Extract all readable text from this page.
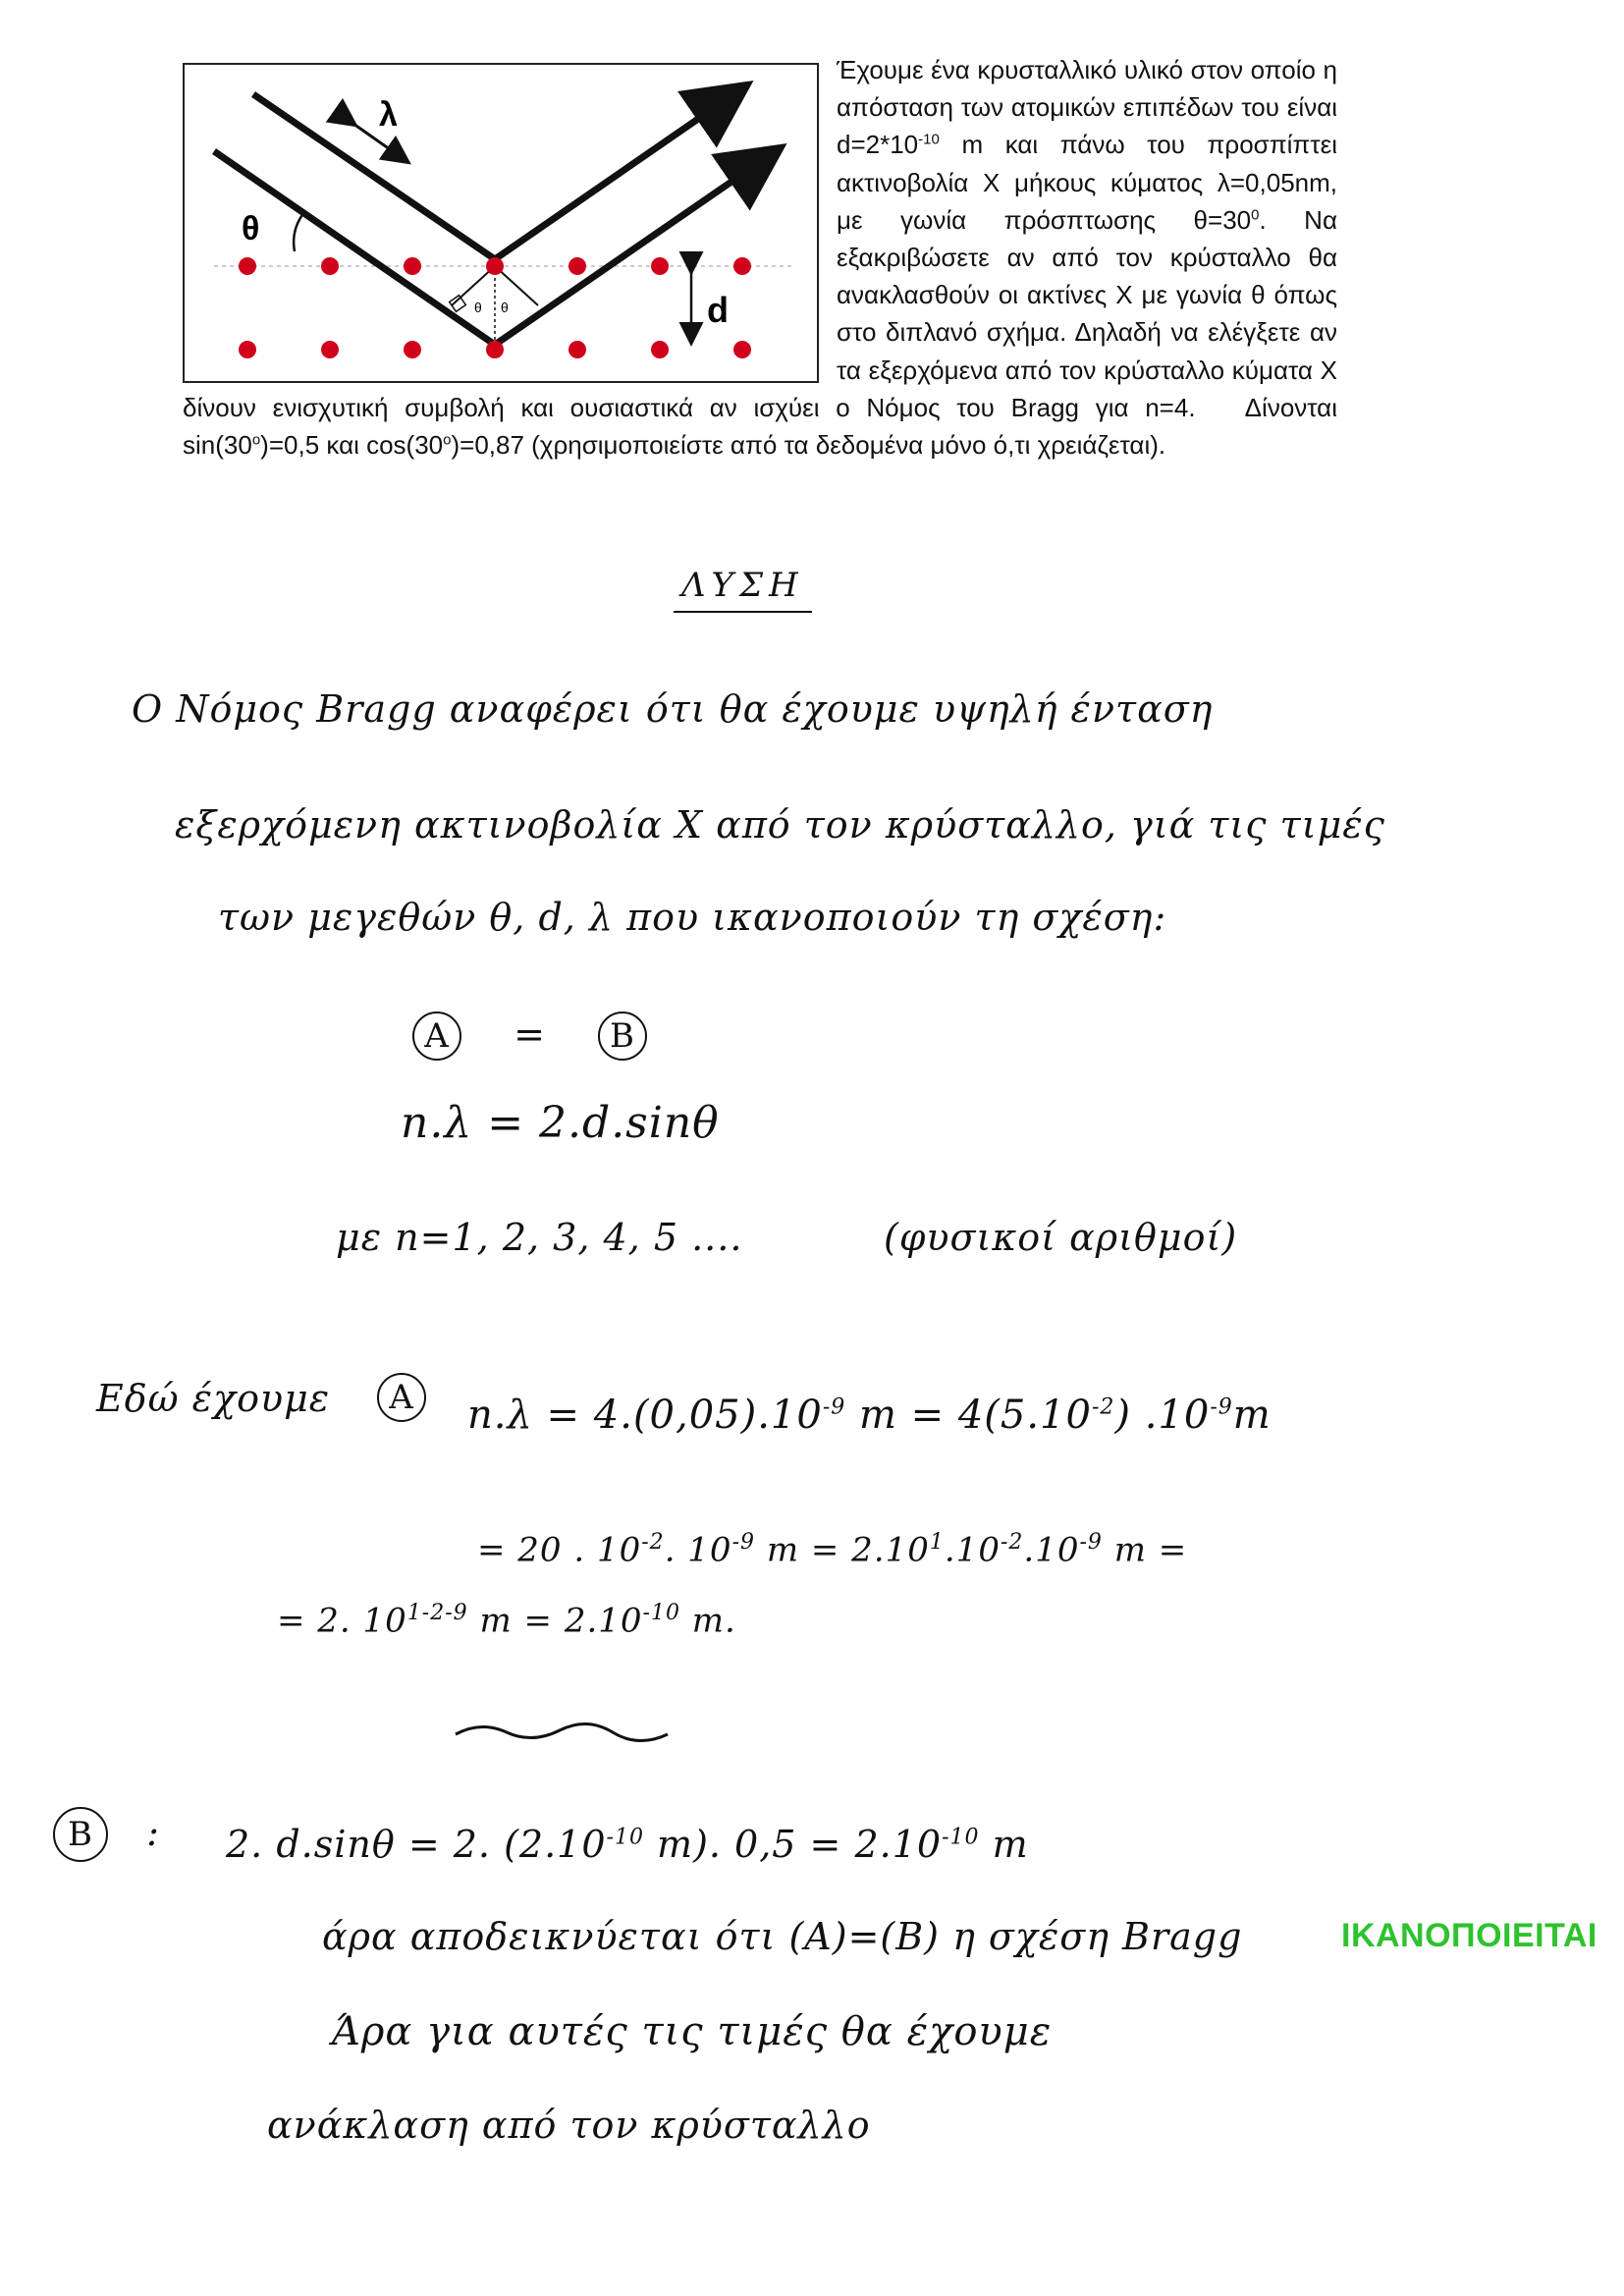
λ
θ
θ θ	d
Έχουμε ένα κρυσταλλικό υλικό στον οποίο η απόσταση των ατομικών επιπέδων του είναι $d=2*10^{-10}$ m και πάνω του προσπίπτει ακτινοβολία Χ μήκους κύματος λ=0,05nm, με γωνία πρόσπτωσης $\theta=30^0$. Να εξακριβώσετε αν από τον κρύσταλλο θα ανακλασθούν οι ακτίνες Χ με γωνία θ όπως στο διπλανό σχήμα. Δηλαδή να ελέγξετε αν τα εξερχόμενα από τον κρύσταλλο κύματα Χ δίνουν ενισχυτική συμβολή και ουσιαστικά αν ισχύει ο Νόμος του Bragg για n=4.   Δίνονται $\sin(30^o)=0,5$ και $\cos(30^o)=0,87$ (χρησιμοποιείστε από τα δεδομένα μόνο ό,τι χρειάζεται).
ΛΥΣΗ
Ο Νόμος Bragg αναφέρει ότι θα έχουμε υψηλή ένταση
εξερχόμενη ακτινοβολία Χ από τον κρύσταλλο, γιά τις τιμές
των μεγεθών θ, d, λ που ικανοποιούν τη σχέση:
A = B
n.λ = 2.d.sinθ
με n=1, 2, 3, 4, 5 ....	(φυσικοί αριθμοί)
Εδώ έχουμε	A	$n.\lambda = 4.(0,05).10^{-9}$ $m = 4(5.10^{-2})$ $.10^{-9}m$
= 20 . $10^{-2}$. $10^{-9}$ $m = 2.10^1.10^{-2}.10^{-9}$ m =
= 2. 10$^{1-2-9}$ $m = 2.10^{-10}$ m.
B : 2. d.sinθ = 2. ($2.10^{-10}$ m). $0,5 = 2.10^{-10}$ m
άρα αποδεικνύεται ότι (A)=(B) η σχέση Bragg	ΙΚΑΝΟΠΟΙΕΙΤΑΙ
Άρα για αυτές τις τιμές θα έχουμε
ανάκλαση από τον κρύσταλλο
